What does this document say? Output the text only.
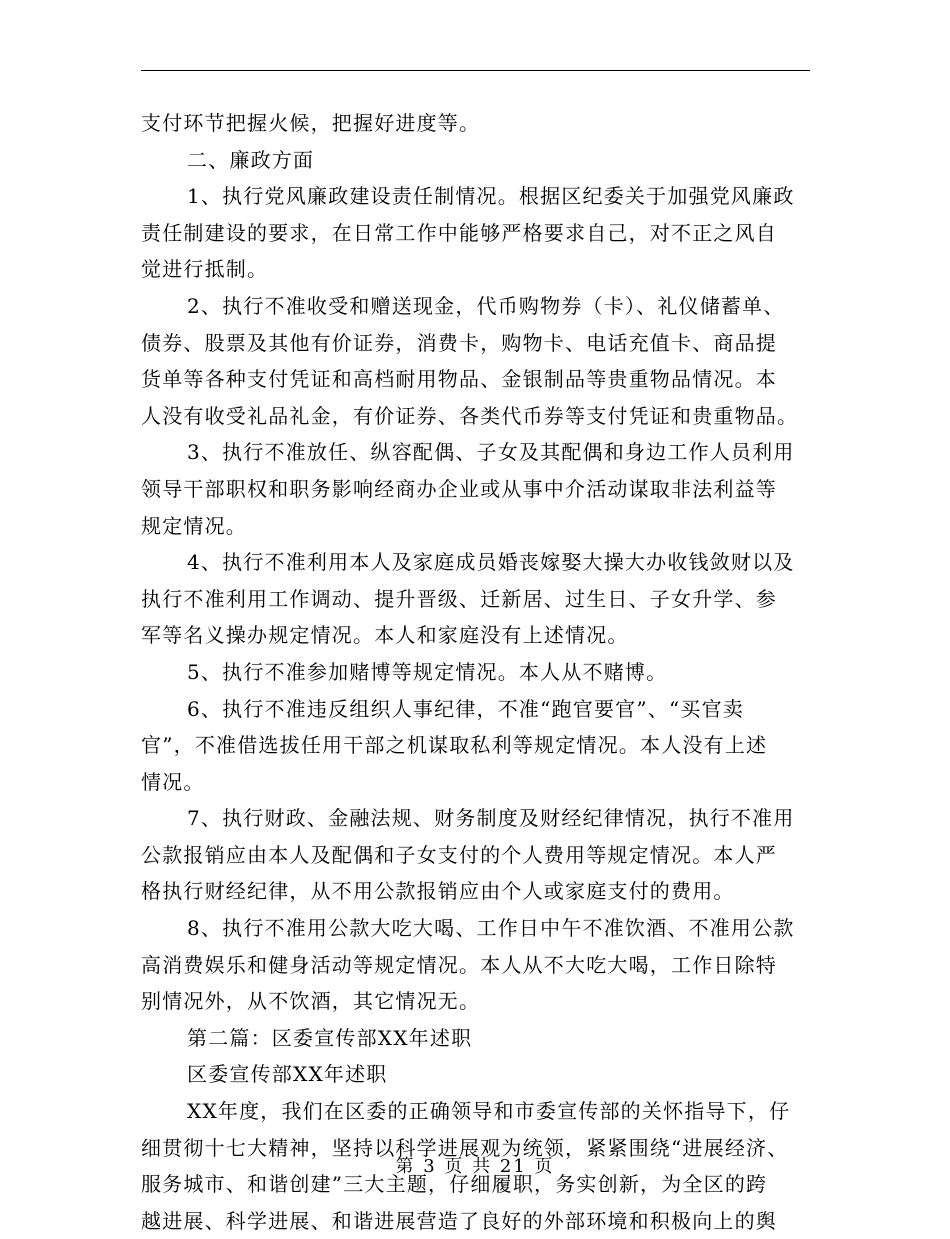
支付环节把握火候，把握好进度等。
二、廉政方面
1、执行党风廉政建设责任制情况。根据区纪委关于加强党风廉政
责任制建设的要求，在日常工作中能够严格要求自己，对不正之风自
觉进行抵制。
2、执行不准收受和赠送现金，代币购物券（卡）、礼仪储蓄单、
债券、股票及其他有价证券，消费卡，购物卡、电话充值卡、商品提
货单等各种支付凭证和高档耐用物品、金银制品等贵重物品情况。本
人没有收受礼品礼金，有价证券、各类代币券等支付凭证和贵重物品。
3、执行不准放任、纵容配偶、子女及其配偶和身边工作人员利用
领导干部职权和职务影响经商办企业或从事中介活动谋取非法利益等
规定情况。
4、执行不准利用本人及家庭成员婚丧嫁娶大操大办收钱敛财以及
执行不准利用工作调动、提升晋级、迁新居、过生日、子女升学、参
军等名义操办规定情况。本人和家庭没有上述情况。
5、执行不准参加赌博等规定情况。本人从不赌博。
6、执行不准违反组织人事纪律，不准“跑官要官”、“买官卖
官”，不准借选拔任用干部之机谋取私利等规定情况。本人没有上述
情况。
7、执行财政、金融法规、财务制度及财经纪律情况，执行不准用
公款报销应由本人及配偶和子女支付的个人费用等规定情况。本人严
格执行财经纪律，从不用公款报销应由个人或家庭支付的费用。
8、执行不准用公款大吃大喝、工作日中午不准饮酒、不准用公款
高消费娱乐和健身活动等规定情况。本人从不大吃大喝，工作日除特
别情况外，从不饮酒，其它情况无。
第二篇：区委宣传部XX年述职
区委宣传部XX年述职
XX年度，我们在区委的正确领导和市委宣传部的关怀指导下，仔
细贯彻十七大精神，坚持以科学进展观为统领，紧紧围绕“进展经济、
服务城市、和谐创建”三大主题，仔细履职，务实创新，为全区的跨
越进展、科学进展、和谐进展营造了良好的外部环境和积极向上的舆
第 3 页 共 21 页
